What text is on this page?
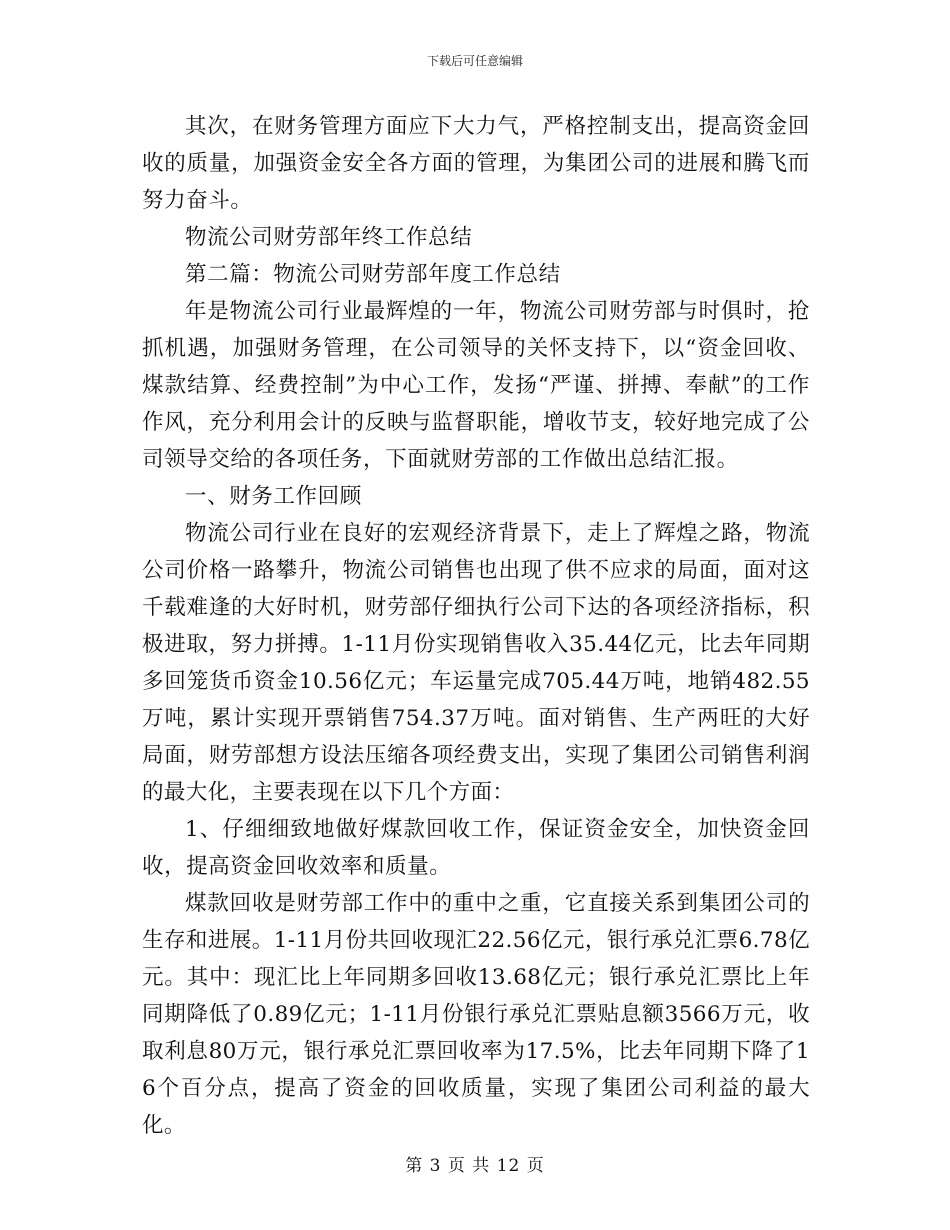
下载后可任意编辑

其次，在财务管理方面应下大力气，严格控制支出，提高资金回收的质量，加强资金安全各方面的管理，为集团公司的进展和腾飞而努力奋斗。

物流公司财劳部年终工作总结

第二篇：物流公司财劳部年度工作总结

年是物流公司行业最辉煌的一年，物流公司财劳部与时俱时，抢抓机遇，加强财务管理，在公司领导的关怀支持下，以“资金回收、煤款结算、经费控制”为中心工作，发扬“严谨、拼搏、奉献”的工作作风，充分利用会计的反映与监督职能，增收节支，较好地完成了公司领导交给的各项任务，下面就财劳部的工作做出总结汇报。

一、财务工作回顾

物流公司行业在良好的宏观经济背景下，走上了辉煌之路，物流公司价格一路攀升，物流公司销售也出现了供不应求的局面，面对这千载难逢的大好时机，财劳部仔细执行公司下达的各项经济指标，积极进取，努力拼搏。1-11月份实现销售收入35.44亿元，比去年同期多回笼货币资金10.56亿元；车运量完成705.44万吨，地销482.55万吨，累计实现开票销售754.37万吨。面对销售、生产两旺的大好局面，财劳部想方设法压缩各项经费支出，实现了集团公司销售利润的最大化，主要表现在以下几个方面：

1、仔细细致地做好煤款回收工作，保证资金安全，加快资金回收，提高资金回收效率和质量。

煤款回收是财劳部工作中的重中之重，它直接关系到集团公司的生存和进展。1-11月份共回收现汇22.56亿元，银行承兑汇票6.78亿元。其中：现汇比上年同期多回收13.68亿元；银行承兑汇票比上年同期降低了0.89亿元；1-11月份银行承兑汇票贴息额3566万元，收取利息80万元，银行承兑汇票回收率为17.5%，比去年同期下降了16个百分点，提高了资金的回收质量，实现了集团公司利益的最大化。

第 3 页 共 12 页
